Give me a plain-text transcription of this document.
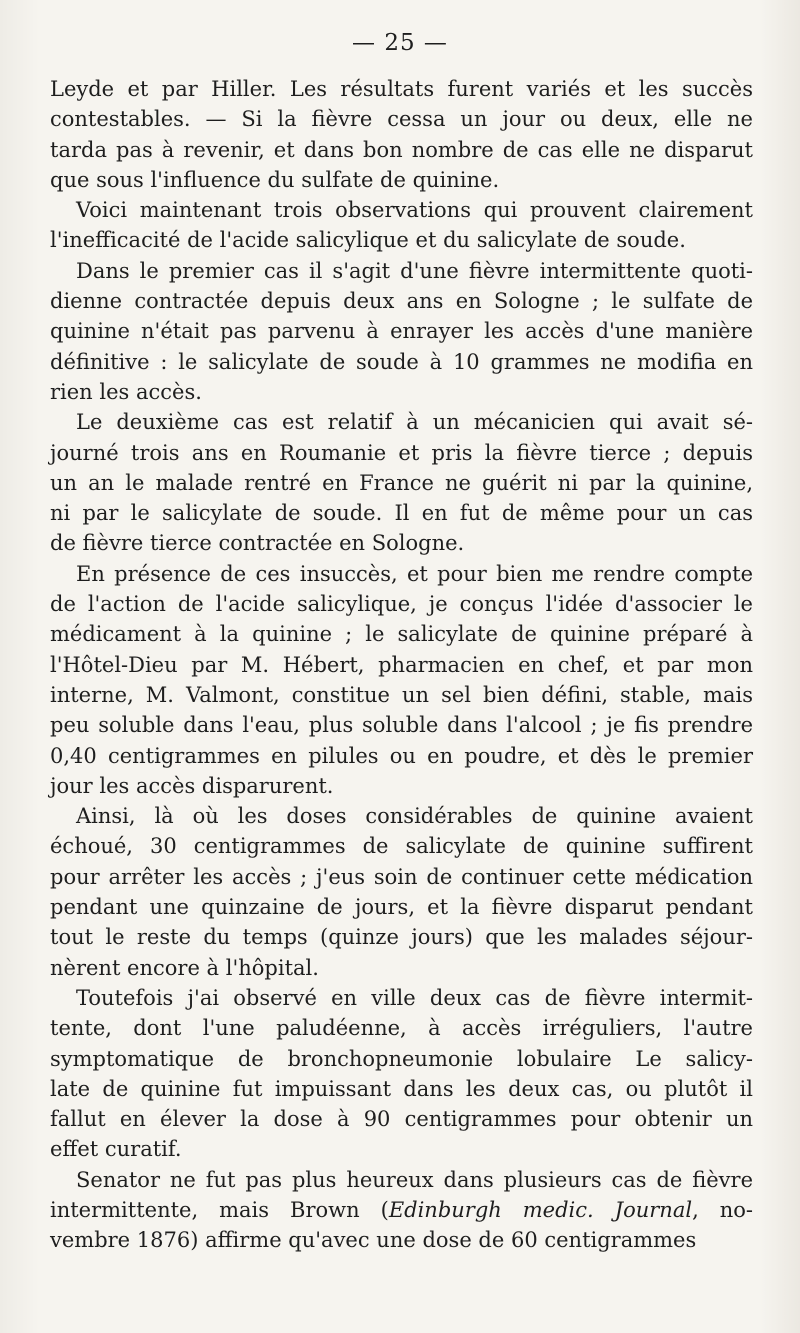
— 25 —

Leyde et par Hiller. Les résultats furent variés et les succès
contestables. — Si la fièvre cessa un jour ou deux, elle ne
tarda pas à revenir, et dans bon nombre de cas elle ne disparut
que sous l'influence du sulfate de quinine.

Voici maintenant trois observations qui prouvent clairement
l'inefficacité de l'acide salicylique et du salicylate de soude.

Dans le premier cas il s'agit d'une fièvre intermittente quoti-
dienne contractée depuis deux ans en Sologne ; le sulfate de
quinine n'était pas parvenu à enrayer les accès d'une manière
définitive : le salicylate de soude à 10 grammes ne modifia en
rien les accès.

Le deuxième cas est relatif à un mécanicien qui avait sé-
journé trois ans en Roumanie et pris la fièvre tierce ; depuis
un an le malade rentré en France ne guérit ni par la quinine,
ni par le salicylate de soude. Il en fut de même pour un cas
de fièvre tierce contractée en Sologne.

En présence de ces insuccès, et pour bien me rendre compte
de l'action de l'acide salicylique, je conçus l'idée d'associer le
médicament à la quinine ; le salicylate de quinine préparé à
l'Hôtel-Dieu par M. Hébert, pharmacien en chef, et par mon
interne, M. Valmont, constitue un sel bien défini, stable, mais
peu soluble dans l'eau, plus soluble dans l'alcool ; je fis prendre
0,40 centigrammes en pilules ou en poudre, et dès le premier
jour les accès disparurent.

Ainsi, là où les doses considérables de quinine avaient
échoué, 30 centigrammes de salicylate de quinine suffirent
pour arrêter les accès ; j'eus soin de continuer cette médication
pendant une quinzaine de jours, et la fièvre disparut pendant
tout le reste du temps (quinze jours) que les malades séjour-
nèrent encore à l'hôpital.

Toutefois j'ai observé en ville deux cas de fièvre intermit-
tente, dont l'une paludéenne, à accès irréguliers, l'autre
symptomatique de bronchopneumonie lobulaire Le salicy-
late de quinine fut impuissant dans les deux cas, ou plutôt il
fallut en élever la dose à 90 centigrammes pour obtenir un
effet curatif.

Senator ne fut pas plus heureux dans plusieurs cas de fièvre
intermittente, mais Brown (Edinburgh medic. Journal, no-
vembre 1876) affirme qu'avec une dose de 60 centigrammes
